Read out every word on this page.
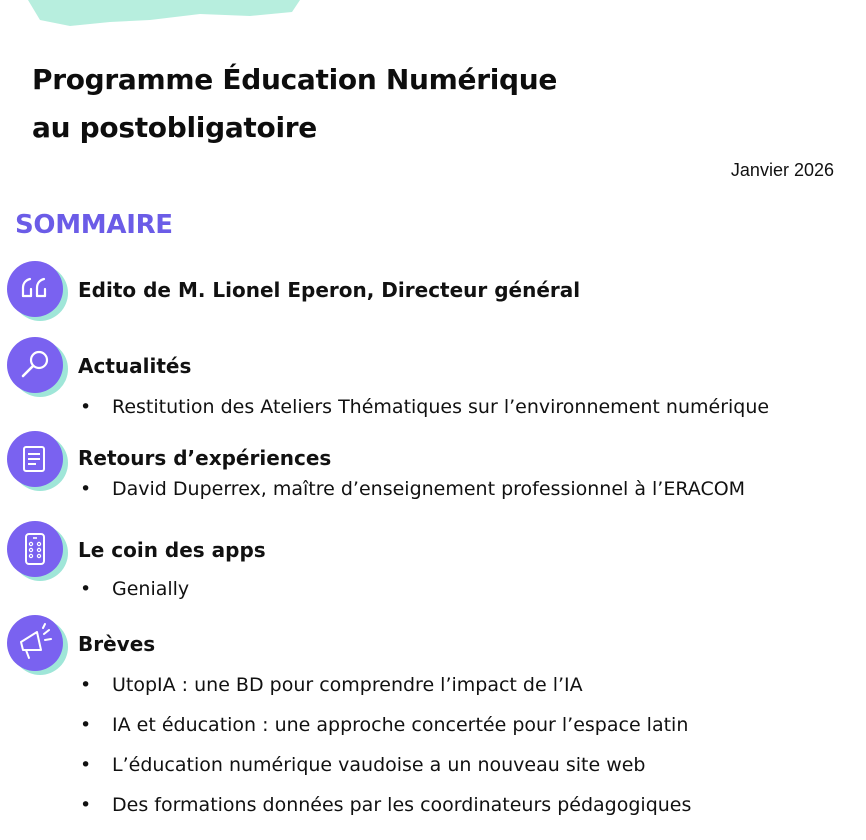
Programme Éducation Numérique
au postobligatoire
Janvier 2026
SOMMAIRE
Edito de M. Lionel Eperon, Directeur général
Actualités
• Restitution des Ateliers Thématiques sur l’environnement numérique
Retours d’expériences
• David Duperrex, maître d’enseignement professionnel à l’ERACOM
Le coin des apps
• Genially
Brèves
• UtopIA : une BD pour comprendre l’impact de l’IA
• IA et éducation : une approche concertée pour l’espace latin
• L’éducation numérique vaudoise a un nouveau site web
• Des formations données par les coordinateurs pédagogiques
